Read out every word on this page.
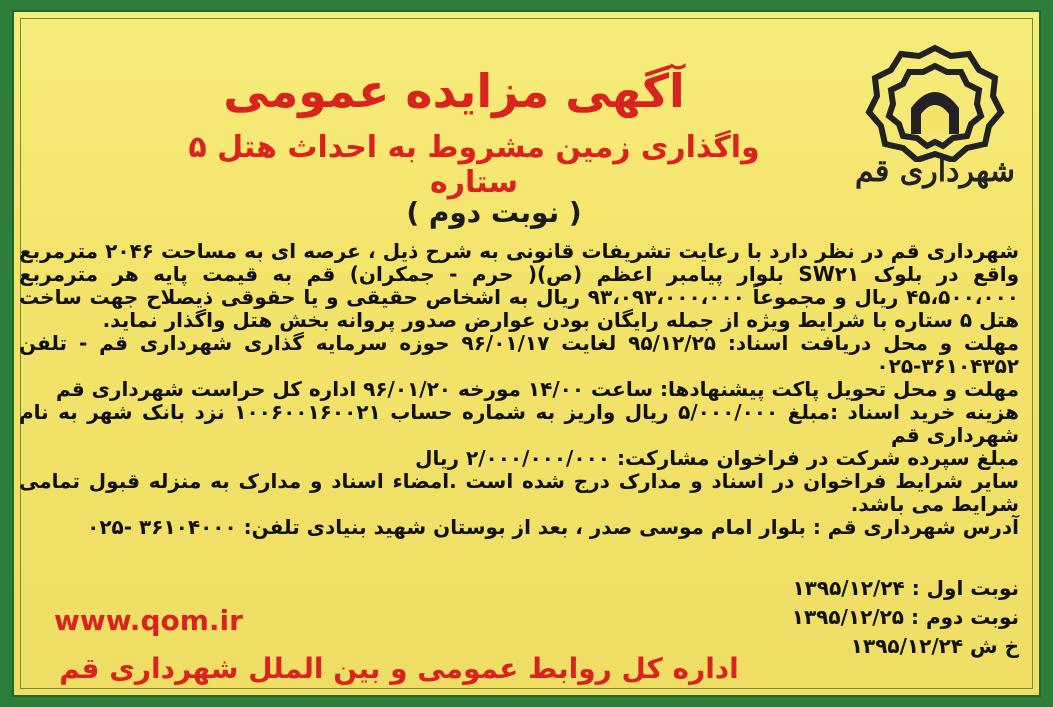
شهرداری قم
آگهی مزایده عمومی
واگذاری زمین مشروط به احداث هتل ۵ ستاره
( نوبت دوم )

شهرداری قم در نظر دارد با رعایت تشریفات قانونی به شرح ذیل ، عرصه ای به مساحت ۲۰۴۶ مترمربع واقع در بلوک SW۲۱ بلوار پیامبر اعظم (ص)( حرم - جمکران) قم به قیمت پایه هر مترمربع ۴۵،۵۰۰،۰۰۰ ریال و مجموعاً ۹۳،۰۹۳،۰۰۰،۰۰۰ ریال به اشخاص حقیقی و یا حقوقی ذیصلاح جهت ساخت هتل ۵ ستاره با شرایط ویژه از جمله رایگان بودن عوارض صدور پروانه بخش هتل واگذار نماید.

مهلت و محل دریافت اسناد: ۹۵/۱۲/۲۵ لغایت ۹۶/۰۱/۱۷ حوزه سرمایه گذاری شهرداری قم - تلفن ۳۶۱۰۴۳۵۲-۰۲۵

مهلت و محل تحویل پاکت پیشنهادها: ساعت ۱۴/۰۰ مورخه ۹۶/۰۱/۲۰ اداره کل حراست شهرداری قم

هزینه خرید اسناد :مبلغ ۵/۰۰۰/۰۰۰ ریال واریز به شماره حساب ۱۰۰۶۰۰۱۶۰۰۲۱ نزد بانک شهر به نام شهرداری قم

مبلغ سپرده شرکت در فراخوان مشارکت: ۲/۰۰۰/۰۰۰/۰۰۰ ریال

سایر شرایط فراخوان در اسناد و مدارک درج شده است .امضاء اسناد و مدارک به منزله قبول تمامی شرایط می باشد.

آدرس شهرداری قم : بلوار امام موسی صدر ، بعد از بوستان شهید بنیادی تلفن: ۳۶۱۰۴۰۰۰ -۰۲۵

نوبت اول : ۱۳۹۵/۱۲/۲۴
نوبت دوم : ۱۳۹۵/۱۲/۲۵
خ ش ۱۳۹۵/۱۲/۲۴
www.qom.ir
اداره کل روابط عمومی و بین الملل شهرداری قم
